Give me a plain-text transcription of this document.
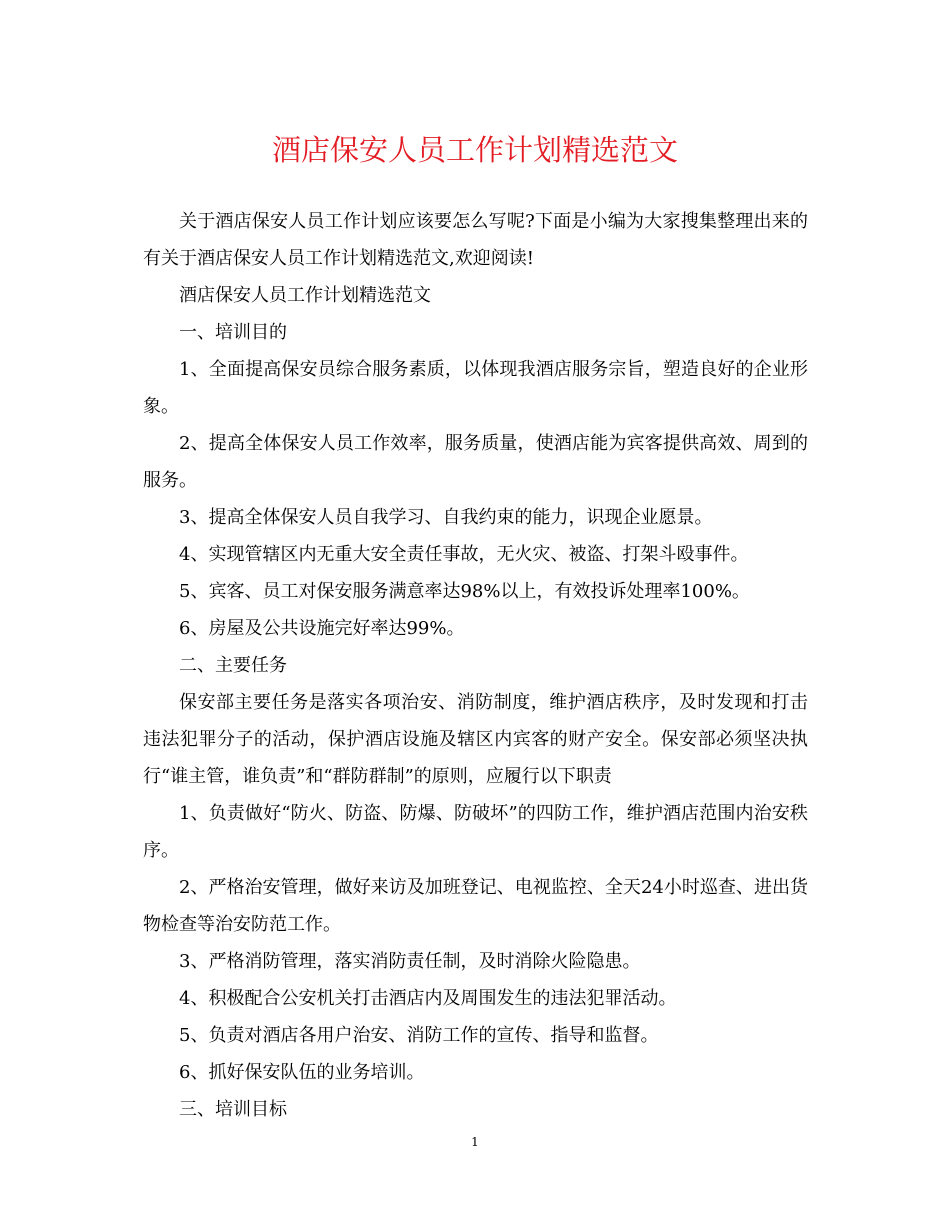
酒店保安人员工作计划精选范文

关于酒店保安人员工作计划应该要怎么写呢?下面是小编为大家搜集整理出来的有关于酒店保安人员工作计划精选范文,欢迎阅读!

酒店保安人员工作计划精选范文

一、培训目的

1、全面提高保安员综合服务素质，以体现我酒店服务宗旨，塑造良好的企业形象。

2、提高全体保安人员工作效率，服务质量，使酒店能为宾客提供高效、周到的服务。

3、提高全体保安人员自我学习、自我约束的能力，识现企业愿景。

4、实现管辖区内无重大安全责任事故，无火灾、被盗、打架斗殴事件。

5、宾客、员工对保安服务满意率达98%以上，有效投诉处理率100%。

6、房屋及公共设施完好率达99%。

二、主要任务

保安部主要任务是落实各项治安、消防制度，维护酒店秩序，及时发现和打击违法犯罪分子的活动，保护酒店设施及辖区内宾客的财产安全。保安部必须坚决执行“谁主管，谁负责”和“群防群制”的原则，应履行以下职责

1、负责做好“防火、防盗、防爆、防破坏”的四防工作，维护酒店范围内治安秩序。

2、严格治安管理，做好来访及加班登记、电视监控、全天24小时巡查、进出货物检查等治安防范工作。

3、严格消防管理，落实消防责任制，及时消除火险隐患。

4、积极配合公安机关打击酒店内及周围发生的违法犯罪活动。

5、负责对酒店各用户治安、消防工作的宣传、指导和监督。

6、抓好保安队伍的业务培训。

三、培训目标

1
